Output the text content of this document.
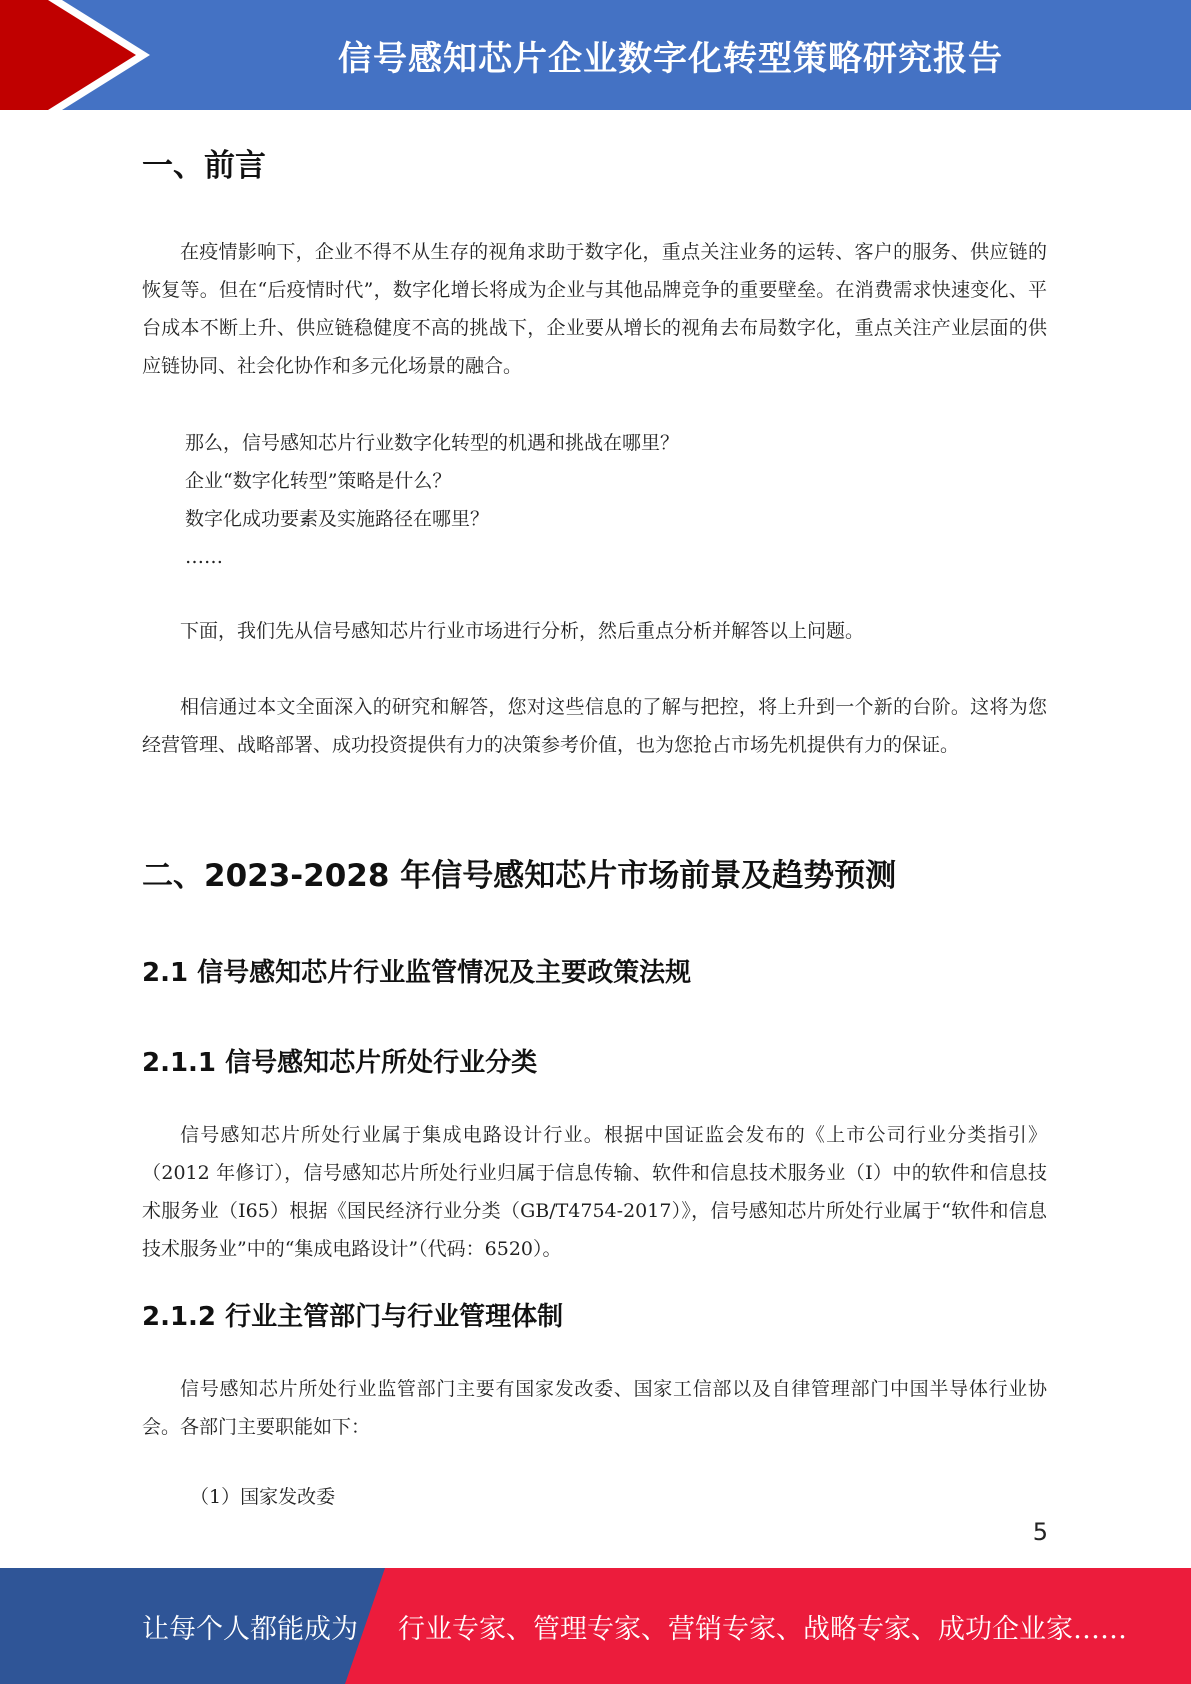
信号感知芯片企业数字化转型策略研究报告
一、前言

在疫情影响下，企业不得不从生存的视角求助于数字化，重点关注业务的运转、客户的服务、供应链的恢复等。但在“后疫情时代”，数字化增长将成为企业与其他品牌竞争的重要壁垒。在消费需求快速变化、平台成本不断上升、供应链稳健度不高的挑战下，企业要从增长的视角去布局数字化，重点关注产业层面的供应链协同、社会化协作和多元化场景的融合。

那么，信号感知芯片行业数字化转型的机遇和挑战在哪里？

企业“数字化转型”策略是什么？

数字化成功要素及实施路径在哪里？

……

下面，我们先从信号感知芯片行业市场进行分析，然后重点分析并解答以上问题。

相信通过本文全面深入的研究和解答，您对这些信息的了解与把控，将上升到一个新的台阶。这将为您经营管理、战略部署、成功投资提供有力的决策参考价值，也为您抢占市场先机提供有力的保证。

二、2023-2028 年信号感知芯片市场前景及趋势预测
2.1 信号感知芯片行业监管情况及主要政策法规
2.1.1 信号感知芯片所处行业分类

信号感知芯片所处行业属于集成电路设计行业。根据中国证监会发布的《上市公司行业分类指引》（2012 年修订），信号感知芯片所处行业归属于信息传输、软件和信息技术服务业（I）中的软件和信息技术服务业（I65）根据《国民经济行业分类（GB/T4754-2017）》，信号感知芯片所处行业属于“软件和信息技术服务业”中的“集成电路设计”（代码：6520）。

2.1.2 行业主管部门与行业管理体制

信号感知芯片所处行业监管部门主要有国家发改委、国家工信部以及自律管理部门中国半导体行业协会。各部门主要职能如下：

（1）国家发改委
5
让每个人都能成为 行业专家、管理专家、营销专家、战略专家、成功企业家……
